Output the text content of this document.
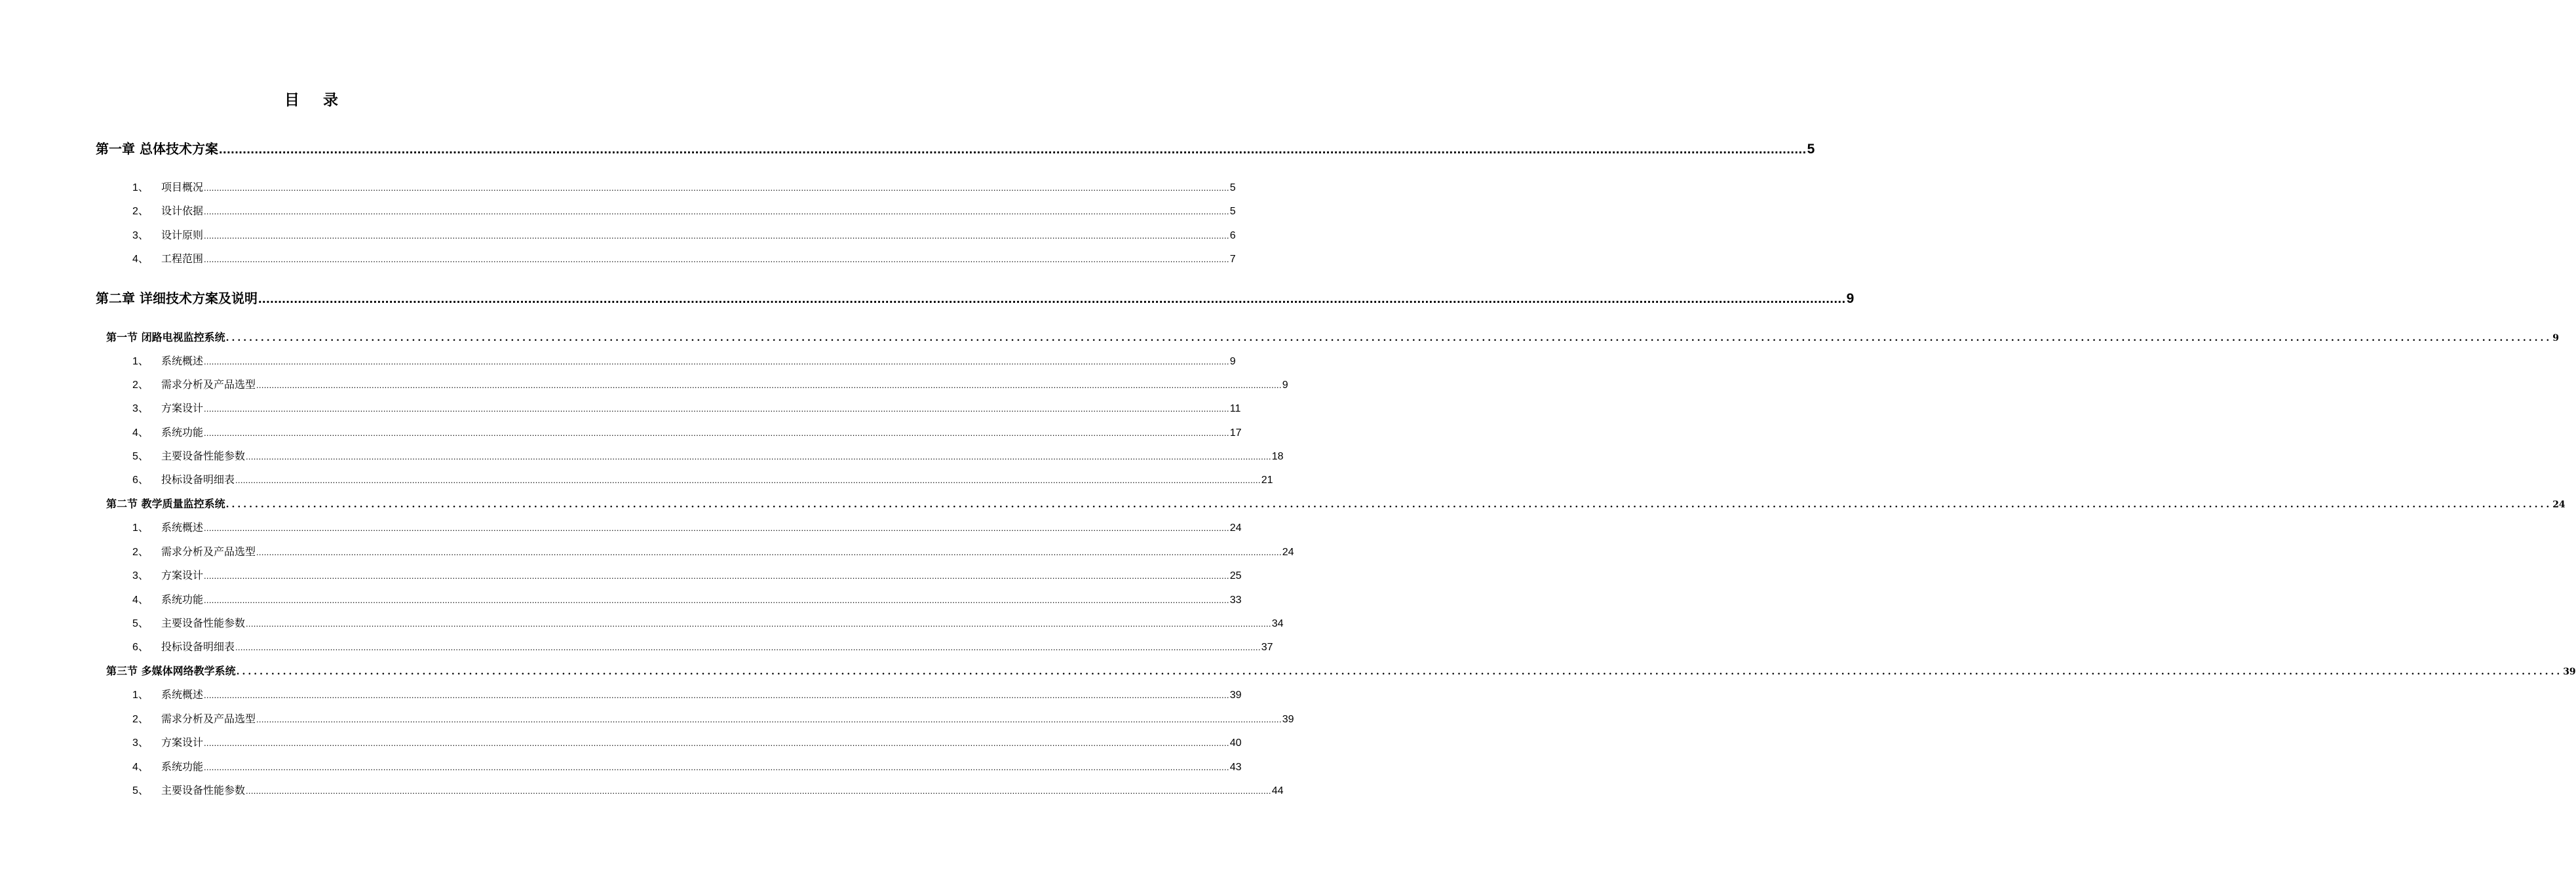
目 录
第一章 总体技术方案 ................................................................................................................................................................................................................................................................................................................................................................................................................ 5
1、	项目概况 ................................................................................................................................................................................................................................................................................................................................................................................................................ 5
2、	设计依据 ................................................................................................................................................................................................................................................................................................................................................................................................................ 5
3、	设计原则 ................................................................................................................................................................................................................................................................................................................................................................................................................ 6
4、	工程范围 ................................................................................................................................................................................................................................................................................................................................................................................................................ 7
第二章 详细技术方案及说明 ................................................................................................................................................................................................................................................................................................................................................................................................................ 9
第一节 闭路电视监控系统 ................................................................................................................................................................................................................................................................................................................................................................................................................ 9
1、	系统概述 ................................................................................................................................................................................................................................................................................................................................................................................................................ 9
2、	需求分析及产品选型 ................................................................................................................................................................................................................................................................................................................................................................................................................ 9
3、	方案设计 ................................................................................................................................................................................................................................................................................................................................................................................................................ 11
4、	系统功能 ................................................................................................................................................................................................................................................................................................................................................................................................................ 17
5、	主要设备性能参数 ................................................................................................................................................................................................................................................................................................................................................................................................................ 18
6、	投标设备明细表 ................................................................................................................................................................................................................................................................................................................................................................................................................ 21
第二节 教学质量监控系统 ................................................................................................................................................................................................................................................................................................................................................................................................................ 24
1、	系统概述 ................................................................................................................................................................................................................................................................................................................................................................................................................ 24
2、	需求分析及产品选型 ................................................................................................................................................................................................................................................................................................................................................................................................................ 24
3、	方案设计 ................................................................................................................................................................................................................................................................................................................................................................................................................ 25
4、	系统功能 ................................................................................................................................................................................................................................................................................................................................................................................................................ 33
5、	主要设备性能参数 ................................................................................................................................................................................................................................................................................................................................................................................................................ 34
6、	投标设备明细表 ................................................................................................................................................................................................................................................................................................................................................................................................................ 37
第三节 多媒体网络教学系统 ................................................................................................................................................................................................................................................................................................................................................................................................................ 39
1、	系统概述 ................................................................................................................................................................................................................................................................................................................................................................................................................ 39
2、	需求分析及产品选型 ................................................................................................................................................................................................................................................................................................................................................................................................................ 39
3、	方案设计 ................................................................................................................................................................................................................................................................................................................................................................................................................ 40
4、	系统功能 ................................................................................................................................................................................................................................................................................................................................................................................................................ 43
5、	主要设备性能参数 ................................................................................................................................................................................................................................................................................................................................................................................................................ 44
